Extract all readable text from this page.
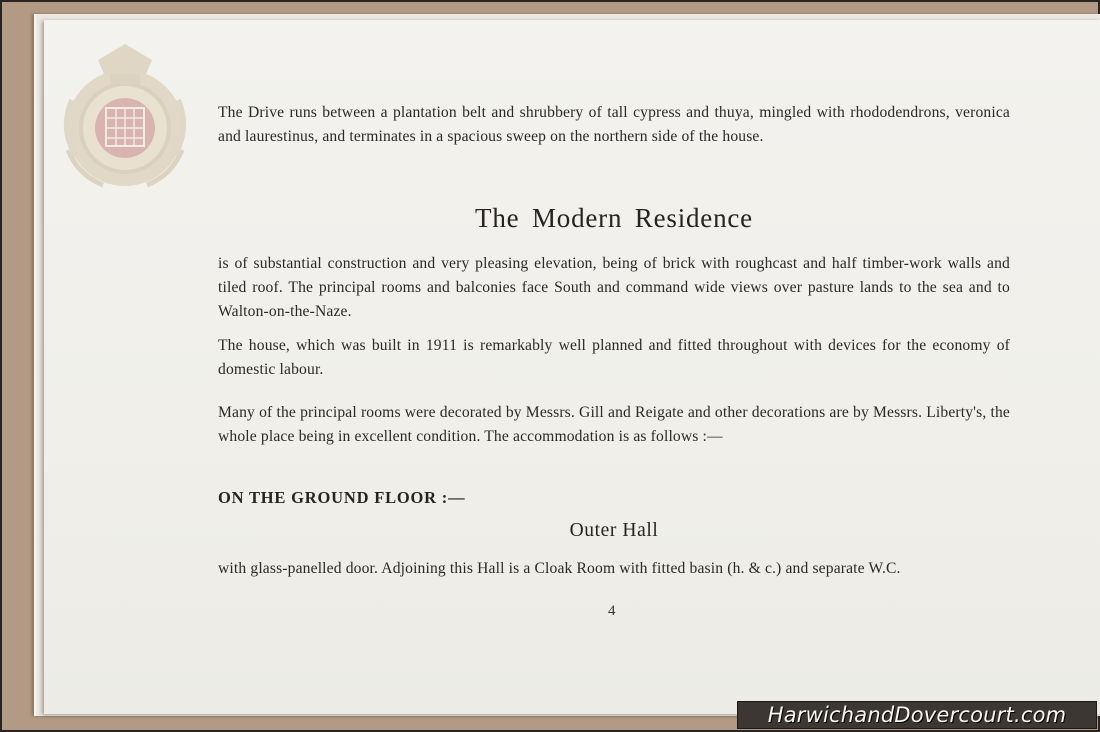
The Drive runs between a plantation belt and shrubbery of tall cypress and thuya, mingled with rhododendrons, veronica and laurestinus, and terminates in a spacious sweep on the northern side of the house.
The Modern Residence
is of substantial construction and very pleasing elevation, being of brick with roughcast and half timber-work walls and tiled roof. The principal rooms and balconies face South and command wide views over pasture lands to the sea and to Walton-on-the-Naze.
The house, which was built in 1911 is remarkably well planned and fitted throughout with devices for the economy of domestic labour.
Many of the principal rooms were decorated by Messrs. Gill and Reigate and other decorations are by Messrs. Liberty's, the whole place being in excellent condition. The accommodation is as follows :—
ON THE GROUND FLOOR :—
Outer Hall
with glass-panelled door. Adjoining this Hall is a Cloak Room with fitted basin (h. & c.) and separate W.C.
4
HarwichandDovercourt.com
